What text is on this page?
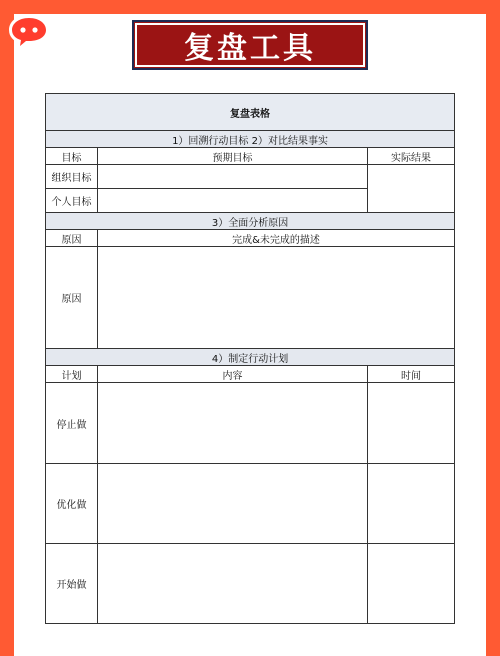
复盘工具
复盘表格		
1）回溯行动目标 2）对比结果事实		
目标	预期目标	实际结果
组织目标		
个人目标		
3）全面分析原因		
原因	完成&未完成的描述	
原因		
4）制定行动计划		
计划	内容	时间
停止做		
优化做		
开始做		
